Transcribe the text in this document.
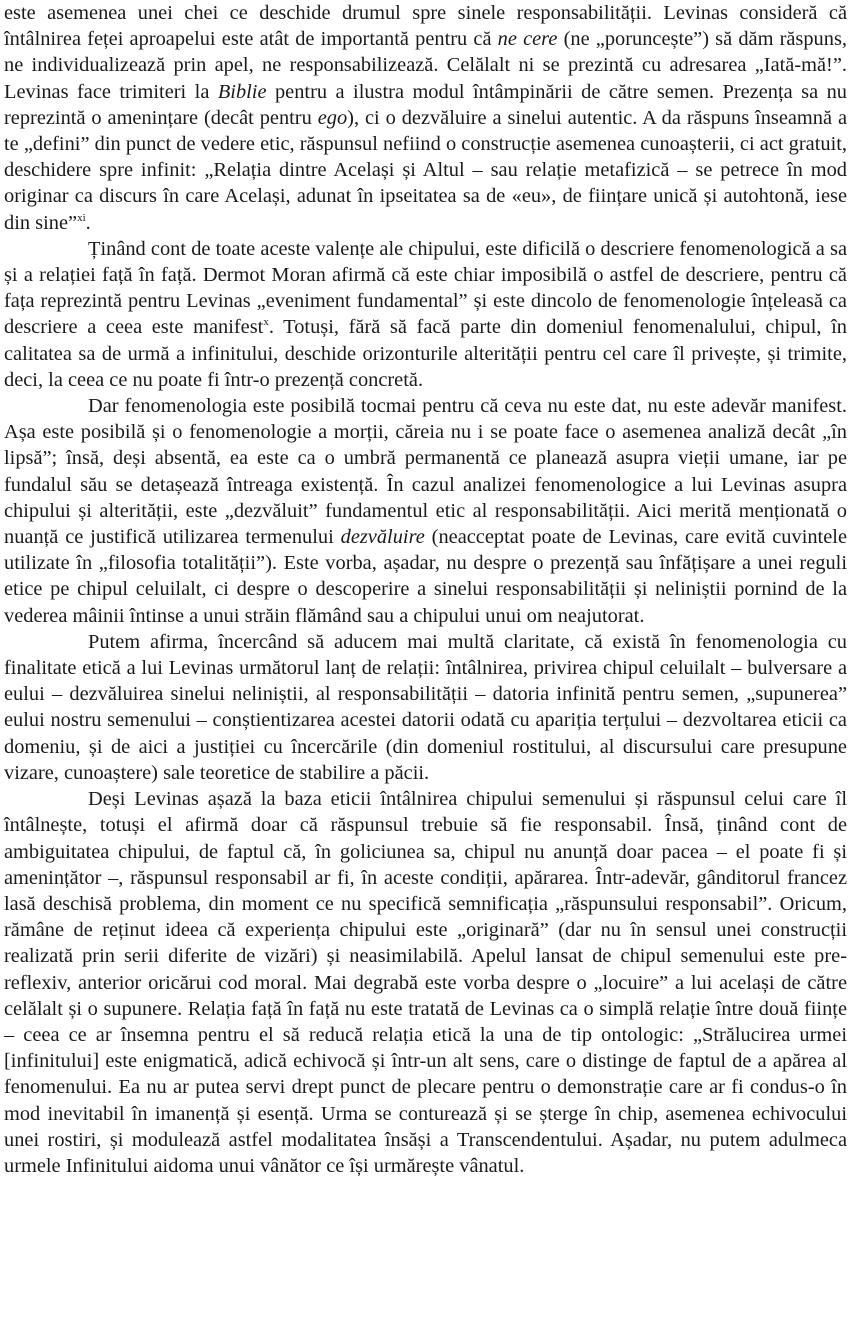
este asemenea unei chei ce deschide drumul spre sinele responsabilității. Levinas consideră că întâlnirea feței aproapelui este atât de importantă pentru că ne cere (ne „poruncește”) să dăm răspuns, ne individualizează prin apel, ne responsabilizează. Celălalt ni se prezintă cu adresarea „Iată-mă!”. Levinas face trimiteri la Biblie pentru a ilustra modul întâmpinării de către semen. Prezența sa nu reprezintă o amenințare (decât pentru ego), ci o dezvăluire a sinelui autentic. A da răspuns înseamnă a te „defini” din punct de vedere etic, răspunsul nefiind o construcție asemenea cunoașterii, ci act gratuit, deschidere spre infinit: „Relația dintre Același și Altul – sau relație metafizică – se petrece în mod originar ca discurs în care Același, adunat în ipseitatea sa de «eu», de ființare unică și autohtonă, iese din sine”$^{xi}$.

Ținând cont de toate aceste valențe ale chipului, este dificilă o descriere fenomenologică a sa și a relației față în față. Dermot Moran afirmă că este chiar imposibilă o astfel de descriere, pentru că fața reprezintă pentru Levinas „eveniment fundamental” și este dincolo de fenomenologie înțeleasă ca descriere a ceea este manifest$^x$. Totuși, fără să facă parte din domeniul fenomenalului, chipul, în calitatea sa de urmă a infinitului, deschide orizonturile alterității pentru cel care îl privește, și trimite, deci, la ceea ce nu poate fi într-o prezență concretă.

Dar fenomenologia este posibilă tocmai pentru că ceva nu este dat, nu este adevăr manifest. Așa este posibilă și o fenomenologie a morții, căreia nu i se poate face o asemenea analiză decât „în lipsă”; însă, deși absentă, ea este ca o umbră permanentă ce planează asupra vieții umane, iar pe fundalul său se detașează întreaga existență. În cazul analizei fenomenologice a lui Levinas asupra chipului și alterității, este „dezvăluit” fundamentul etic al responsabilității. Aici merită menționată o nuanță ce justifică utilizarea termenului dezvăluire (neacceptat poate de Levinas, care evită cuvintele utilizate în „filosofia totalității”). Este vorba, așadar, nu despre o prezență sau înfățișare a unei reguli etice pe chipul celuilalt, ci despre o descoperire a sinelui responsabilității și neliniștii pornind de la vederea mâinii întinse a unui străin flămând sau a chipului unui om neajutorat.

Putem afirma, încercând să aducem mai multă claritate, că există în fenomenologia cu finalitate etică a lui Levinas următorul lanț de relații: întâlnirea, privirea chipul celuilalt – bulversare a eului – dezvăluirea sinelui neliniștii, al responsabilității – datoria infinită pentru semen, „supunerea” eului nostru semenului – conștientizarea acestei datorii odată cu apariția terțului – dezvoltarea eticii ca domeniu, și de aici a justiției cu încercările (din domeniul rostitului, al discursului care presupune vizare, cunoaștere) sale teoretice de stabilire a păcii.

Deși Levinas așază la baza eticii întâlnirea chipului semenului și răspunsul celui care îl întâlnește, totuși el afirmă doar că răspunsul trebuie să fie responsabil. Însă, ținând cont de ambiguitatea chipului, de faptul că, în goliciunea sa, chipul nu anunță doar pacea – el poate fi și amenințător –, răspunsul responsabil ar fi, în aceste condiții, apărarea. Într-adevăr, gânditorul francez lasă deschisă problema, din moment ce nu specifică semnificația „răspunsului responsabil”. Oricum, rămâne de reținut ideea că experiența chipului este „originară” (dar nu în sensul unei construcții realizată prin serii diferite de vizări) și neasimilabilă. Apelul lansat de chipul semenului este pre-reflexiv, anterior oricărui cod moral. Mai degrabă este vorba despre o „locuire” a lui același de către celălalt și o supunere. Relația față în față nu este tratată de Levinas ca o simplă relație între două ființe – ceea ce ar însemna pentru el să reducă relația etică la una de tip ontologic: „Strălucirea urmei [infinitului] este enigmatică, adică echivocă și într-un alt sens, care o distinge de faptul de a apărea al fenomenului. Ea nu ar putea servi drept punct de plecare pentru o demonstrație care ar fi condus-o în mod inevitabil în imanență și esență. Urma se conturează și se șterge în chip, asemenea echivocului unei rostiri, și modulează astfel modalitatea însăși a Transcendentului. Așadar, nu putem adulmeca urmele Infinitului aidoma unui vânător ce își urmărește vânatul.
